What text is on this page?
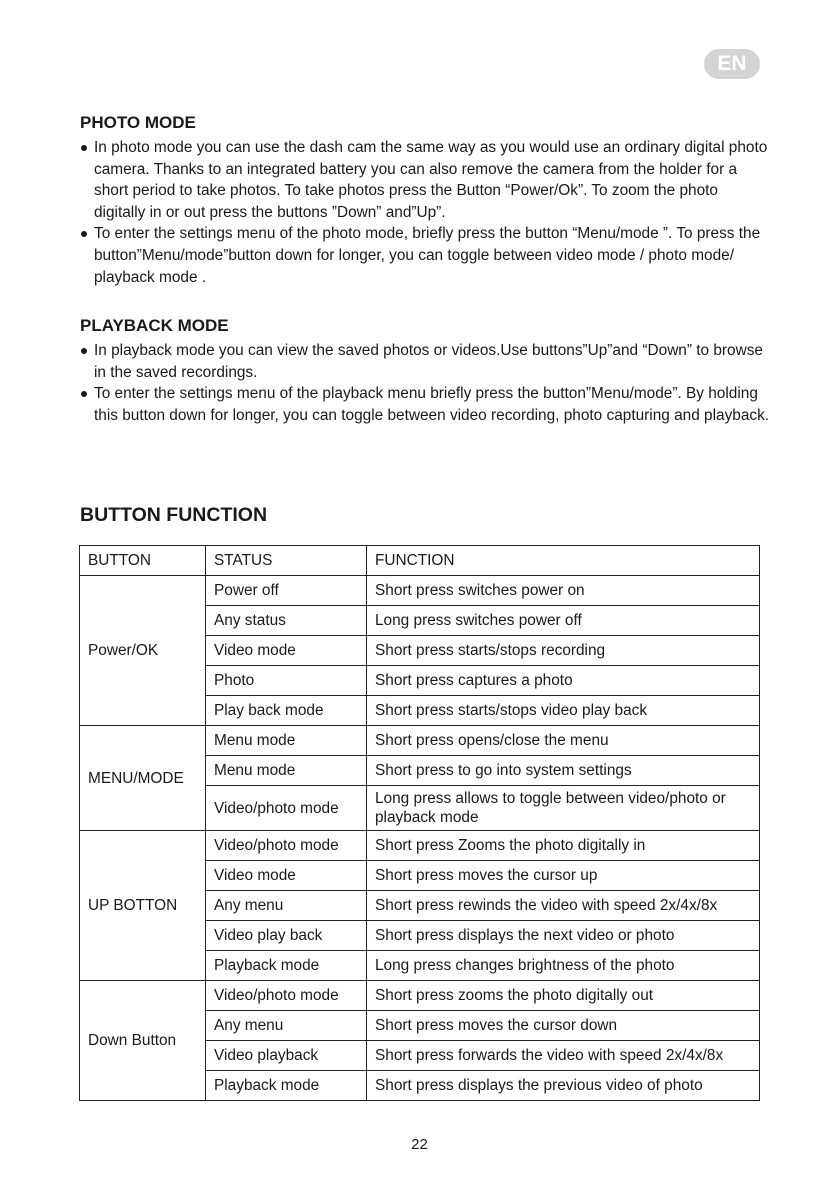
EN
PHOTO MODE
In photo mode you can use the dash cam the same way as you would use an ordinary digital photo camera. Thanks to an integrated battery you can also remove the camera from the holder for a short period to take photos. To take photos press the Button “Power/Ok”. To zoom the photo digitally in or out press the buttons ”Down” and”Up”.
To enter the settings menu of the photo mode, briefly press the button “Menu/mode ”. To press the button”Menu/mode”button down for longer, you can toggle between video mode / photo mode/ playback mode .
PLAYBACK MODE
In playback mode you can view the saved photos or videos.Use buttons”Up”and “Down” to browse in the saved recordings.
To enter the settings menu of the playback menu briefly press the button”Menu/mode”. By holding this button down for longer, you can toggle between video recording, photo capturing and playback.
BUTTON FUNCTION
BUTTON	STATUS	FUNCTION
Power/OK	Power off	Short press switches power on
	Any status	Long press switches power off
	Video mode	Short press starts/stops recording
	Photo	Short press captures a photo
	Play back mode	Short press starts/stops video play back
MENU/MODE	Menu mode	Short press opens/close the menu
	Menu mode	Short press to go into system settings
	Video/photo mode	Long press allows to toggle between video/photo or playback mode
UP BOTTON	Video/photo mode	Short press Zooms the photo digitally in
	Video mode	Short press moves the cursor up
	Any menu	Short press rewinds the video with speed 2x/4x/8x
	Video play back	Short press displays the next video or photo
	Playback mode	Long press changes brightness of the photo
Down Button	Video/photo mode	Short press zooms the photo digitally out
	Any menu	Short press moves the cursor down
	Video playback	Short press forwards the video with speed 2x/4x/8x
	Playback mode	Short press displays the previous video of photo
22
